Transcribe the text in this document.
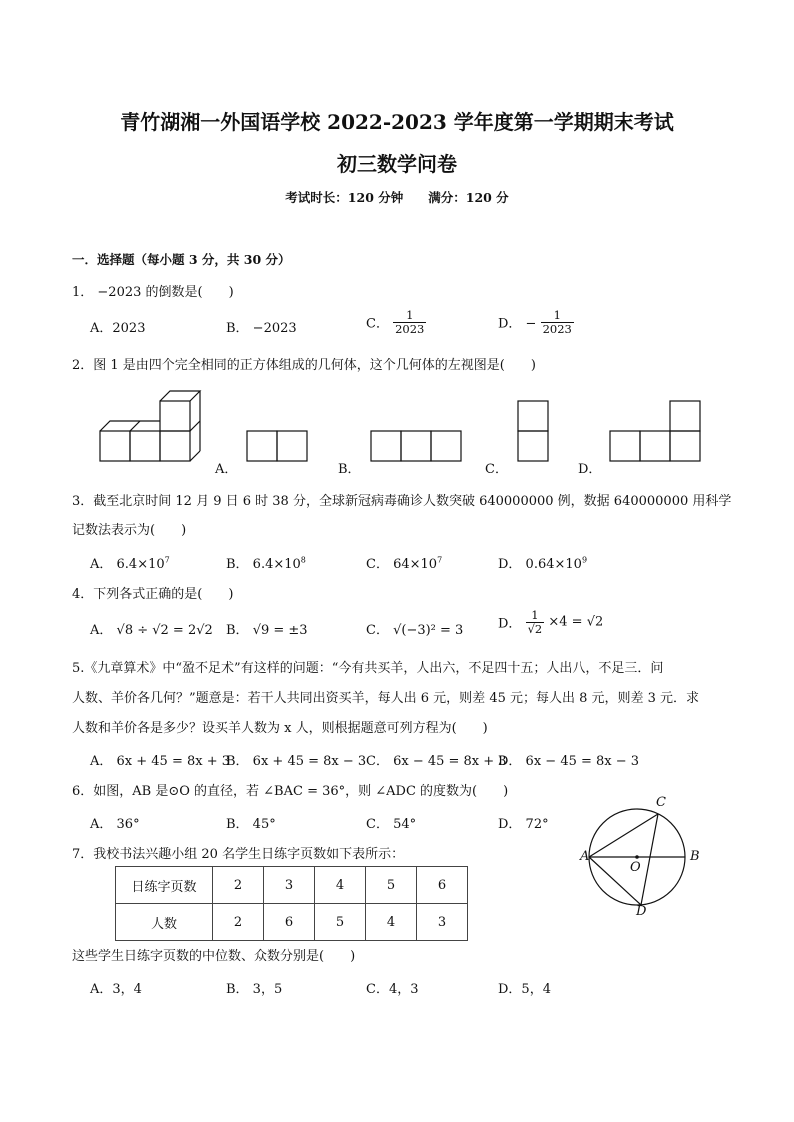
青竹湖湘一外国语学校 2022-2023 学年度第一学期期末考试
初三数学问卷
考试时长：120 分钟　　满分：120 分
一．选择题（每小题 3 分，共 30 分）
1． −2023 的倒数是(　　)
A．2023	B． −2023	C． $\frac{1}{2023}$	D． − $\frac{1}{2023}$
2．图 1 是由四个完全相同的正方体组成的几何体，这个几何体的左视图是(　　)
A．	B．	C．	D．
3．截至北京时间 12 月 9 日 6 时 38 分，全球新冠病毒确诊人数突破 640000000 例，数据 640000000 用科学
记数法表示为(　　)
A． $6.4\times 10^7$	B． $6.4\times 10^8$	C． $64\times 10^7$	D． $0.64\times 10^9$
4．下列各式正确的是(　　)
A． √8 ÷ √2 = 2√2 B． √9 = ±3	C． √(−3)² = 3	D． $\frac{1}{√2} \times 4 = √2$
5.《九章算术》中“盈不足术”有这样的问题：“今有共买羊，人出六，不足四十五；人出八，不足三．问
人数、羊价各几何？”题意是：若干人共同出资买羊，每人出 6 元，则差 45 元；每人出 8 元，则差 3 元．求
人数和羊价各是多少？设买羊人数为 x 人，则根据题意可列方程为(　　)
A． 6x + 45 = 8x + 3
B． 6x + 45 = 8x − 3 C． 6x − 45 = 8x + 3
D． 6x − 45 = 8x − 3
6．如图，AB 是⊙O 的直径，若 ∠BAC = 36°，则 ∠ADC 的度数为(　　)
A． 36°	B． 45°	C． 54°	D． 72°
A	B
C
D
O
7．我校书法兴趣小组 20 名学生日练字页数如下表所示：
日练字页数	2	3	4	5	6
人数	2	6	5	4	3
这些学生日练字页数的中位数、众数分别是(　　)
A．3，4	B． 3，5	C．4，3	D．5，4
